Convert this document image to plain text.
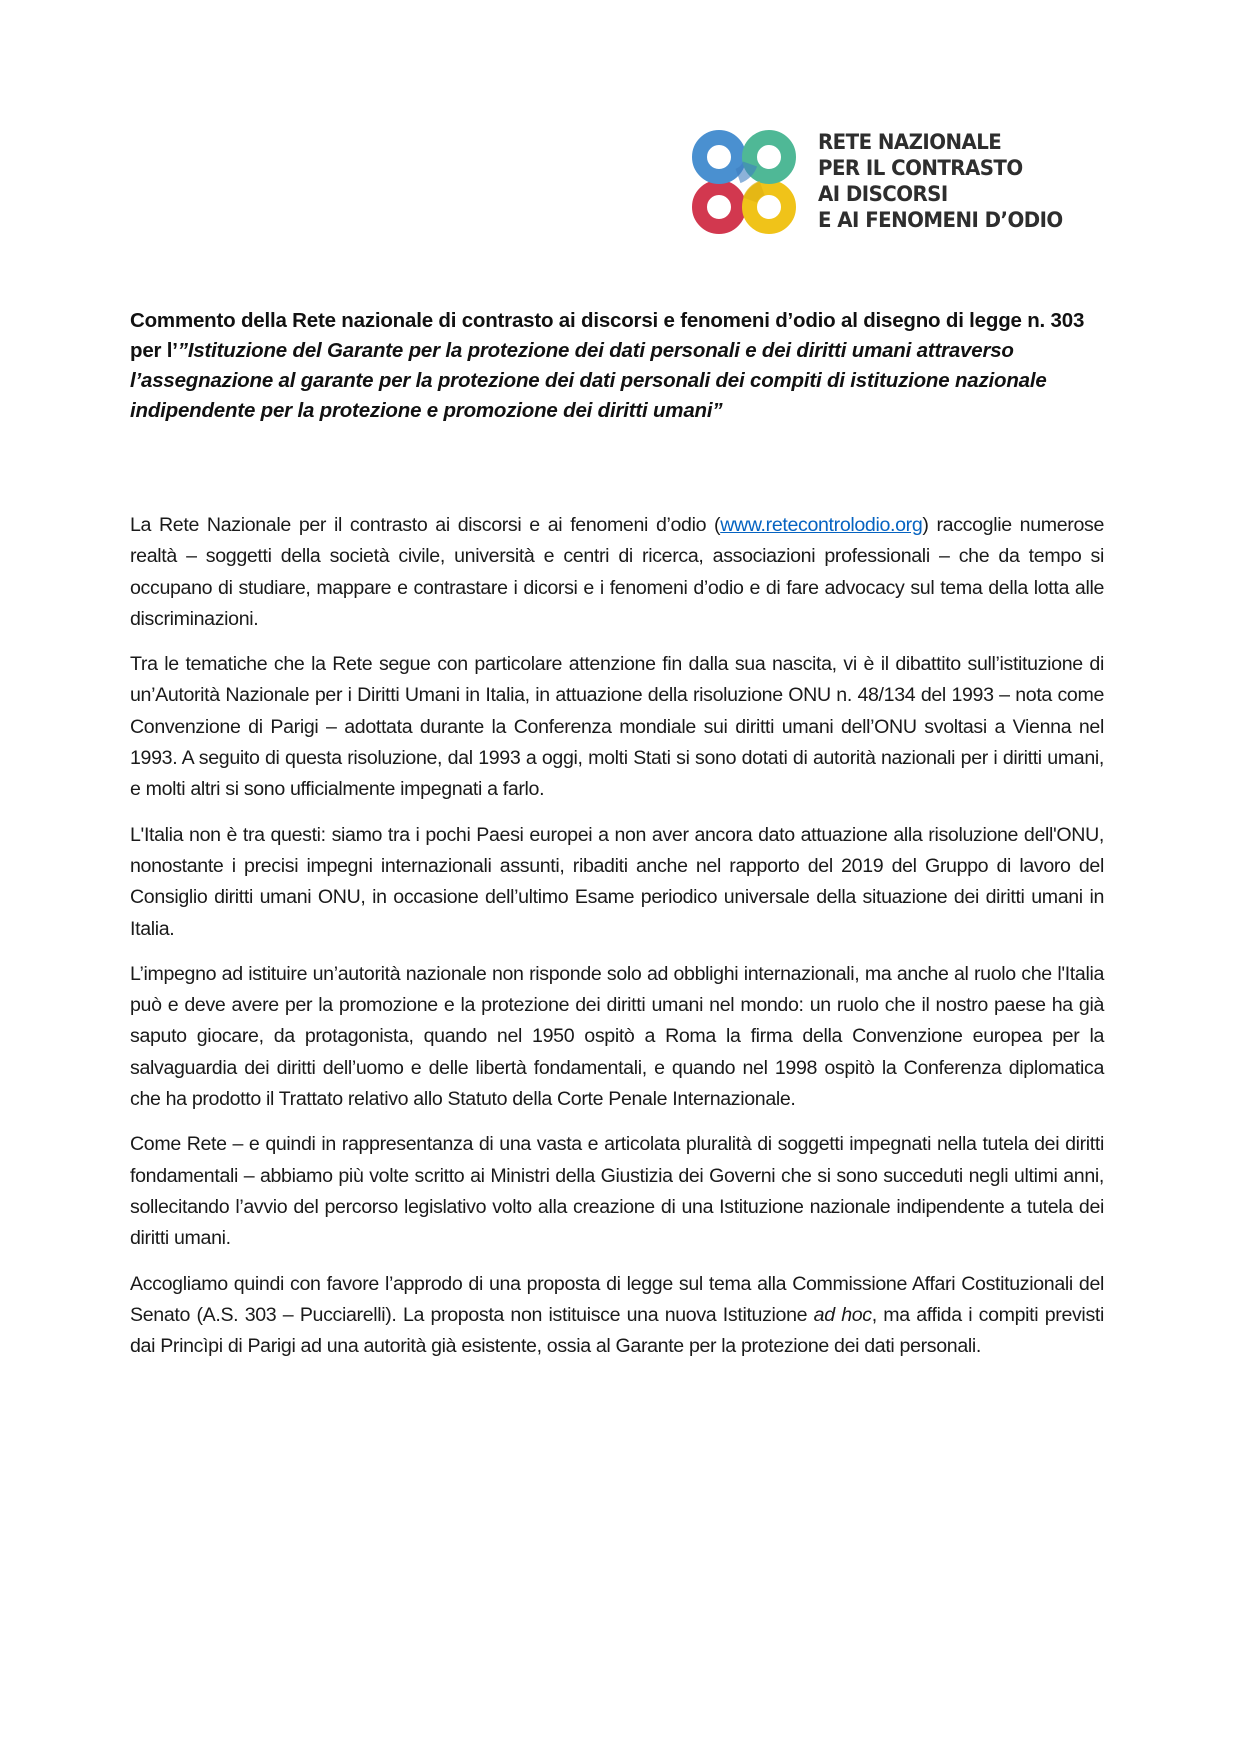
RETE NAZIONALE
PER IL CONTRASTO
AI DISCORSI
E AI FENOMENI D’ODIO
Commento della Rete nazionale di contrasto ai discorsi e fenomeni d’odio al disegno di legge n. 303 per l’”Istituzione del Garante per la protezione dei dati personali e dei diritti umani attraverso l’assegnazione al garante per la protezione dei dati personali dei compiti di istituzione nazionale indipendente per la protezione e promozione dei diritti umani”

La Rete Nazionale per il contrasto ai discorsi e ai fenomeni d’odio (www.retecontrolodio.org) raccoglie numerose realtà – soggetti della società civile, università e centri di ricerca, associazioni professionali – che da tempo si occupano di studiare, mappare e contrastare i dicorsi e i fenomeni d’odio e di fare advocacy sul tema della lotta alle discriminazioni.

Tra le tematiche che la Rete segue con particolare attenzione fin dalla sua nascita, vi è il dibattito sull’istituzione di un’Autorità Nazionale per i Diritti Umani in Italia, in attuazione della risoluzione ONU n. 48/134 del 1993 – nota come Convenzione di Parigi – adottata durante la Conferenza mondiale sui diritti umani dell’ONU svoltasi a Vienna nel 1993. A seguito di questa risoluzione, dal 1993 a oggi, molti Stati si sono dotati di autorità nazionali per i diritti umani, e molti altri si sono ufficialmente impegnati a farlo.

L'Italia non è tra questi: siamo tra i pochi Paesi europei a non aver ancora dato attuazione alla risoluzione dell'ONU, nonostante i precisi impegni internazionali assunti, ribaditi anche nel rapporto del 2019 del Gruppo di lavoro del Consiglio diritti umani ONU, in occasione dell’ultimo Esame periodico universale della situazione dei diritti umani in Italia.

L’impegno ad istituire un’autorità nazionale non risponde solo ad obblighi internazionali, ma anche al ruolo che l'Italia può e deve avere per la promozione e la protezione dei diritti umani nel mondo: un ruolo che il nostro paese ha già saputo giocare, da protagonista, quando nel 1950 ospitò a Roma la firma della Convenzione europea per la salvaguardia dei diritti dell’uomo e delle libertà fondamentali, e quando nel 1998 ospitò la Conferenza diplomatica che ha prodotto il Trattato relativo allo Statuto della Corte Penale Internazionale.

Come Rete – e quindi in rappresentanza di una vasta e articolata pluralità di soggetti impegnati nella tutela dei diritti fondamentali – abbiamo più volte scritto ai Ministri della Giustizia dei Governi che si sono succeduti negli ultimi anni, sollecitando l’avvio del percorso legislativo volto alla creazione di una Istituzione nazionale indipendente a tutela dei diritti umani.

Accogliamo quindi con favore l’approdo di una proposta di legge sul tema alla Commissione Affari Costituzionali del Senato (A.S. 303 – Pucciarelli). La proposta non istituisce una nuova Istituzione ad hoc, ma affida i compiti previsti dai Princìpi di Parigi ad una autorità già esistente, ossia al Garante per la protezione dei dati personali.
